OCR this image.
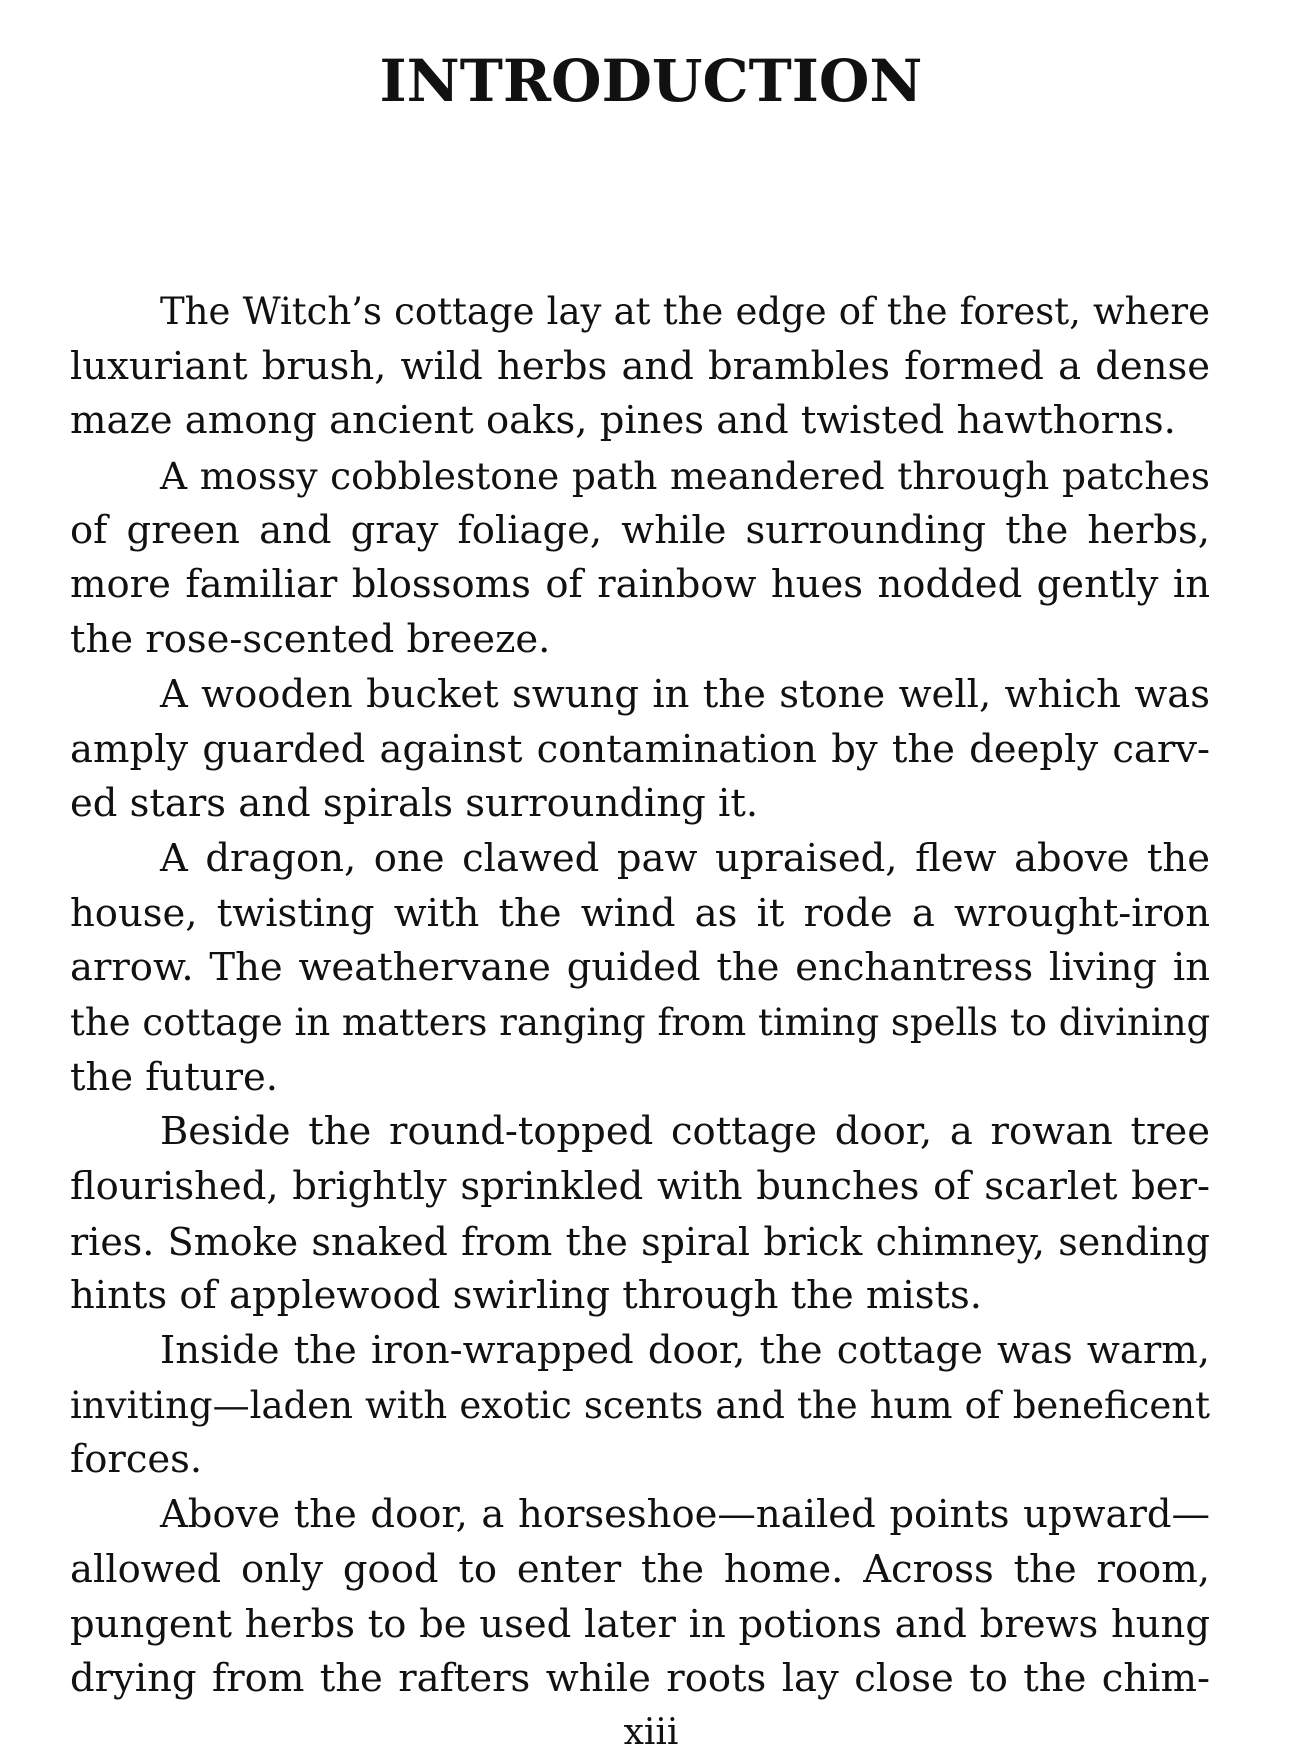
INTRODUCTION
The Witch’s cottage lay at the edge of the forest, where
luxuriant brush, wild herbs and brambles formed a dense
maze among ancient oaks, pines and twisted hawthorns.
A mossy cobblestone path meandered through patches
of green and gray foliage, while surrounding the herbs,
more familiar blossoms of rainbow hues nodded gently in
the rose-scented breeze.
A wooden bucket swung in the stone well, which was
amply guarded against contamination by the deeply carv-
ed stars and spirals surrounding it.
A dragon, one clawed paw upraised, flew above the
house, twisting with the wind as it rode a wrought-iron
arrow. The weathervane guided the enchantress living in
the cottage in matters ranging from timing spells to divining
the future.
Beside the round-topped cottage door, a rowan tree
flourished, brightly sprinkled with bunches of scarlet ber-
ries. Smoke snaked from the spiral brick chimney, sending
hints of applewood swirling through the mists.
Inside the iron-wrapped door, the cottage was warm,
inviting—laden with exotic scents and the hum of beneficent
forces.
Above the door, a horseshoe—nailed points upward—
allowed only good to enter the home. Across the room,
pungent herbs to be used later in potions and brews hung
drying from the rafters while roots lay close to the chim-
xiii
